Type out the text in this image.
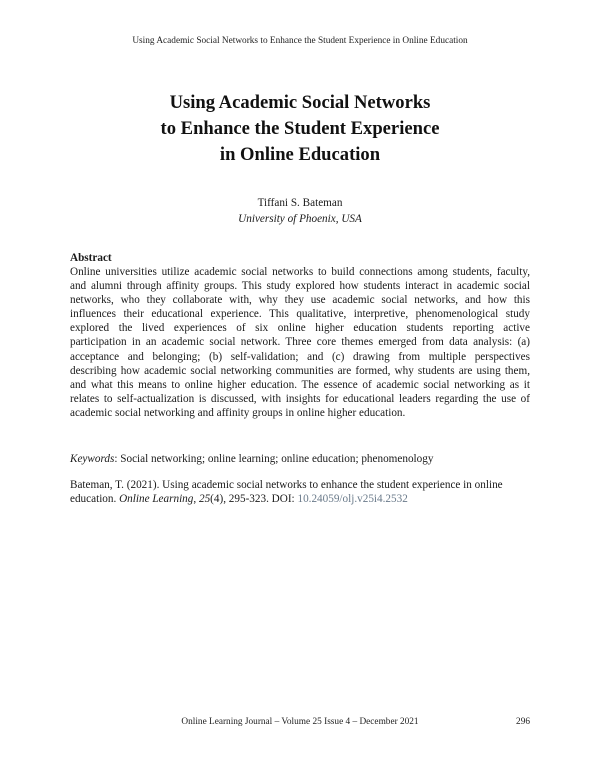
Using Academic Social Networks to Enhance the Student Experience in Online Education
Using Academic Social Networks
to Enhance the Student Experience
in Online Education
Tiffani S. Bateman
University of Phoenix, USA
Abstract
Online universities utilize academic social networks to build connections among students, faculty,
and alumni through affinity groups. This study explored how students interact in academic social
networks, who they collaborate with, why they use academic social networks, and how this
influences their educational experience. This qualitative, interpretive, phenomenological study
explored the lived experiences of six online higher education students reporting active
participation in an academic social network. Three core themes emerged from data analysis: (a)
acceptance and belonging; (b) self-validation; and (c) drawing from multiple perspectives
describing how academic social networking communities are formed, why students are using them,
and what this means to online higher education. The essence of academic social networking as it
relates to self-actualization is discussed, with insights for educational leaders regarding the use of
academic social networking and affinity groups in online higher education.
Keywords: Social networking; online learning; online education; phenomenology
Bateman, T. (2021). Using academic social networks to enhance the student experience in online
education. Online Learning, 25(4), 295-323. DOI: 10.24059/olj.v25i4.2532
Online Learning Journal – Volume 25 Issue 4 – December 2021	296
